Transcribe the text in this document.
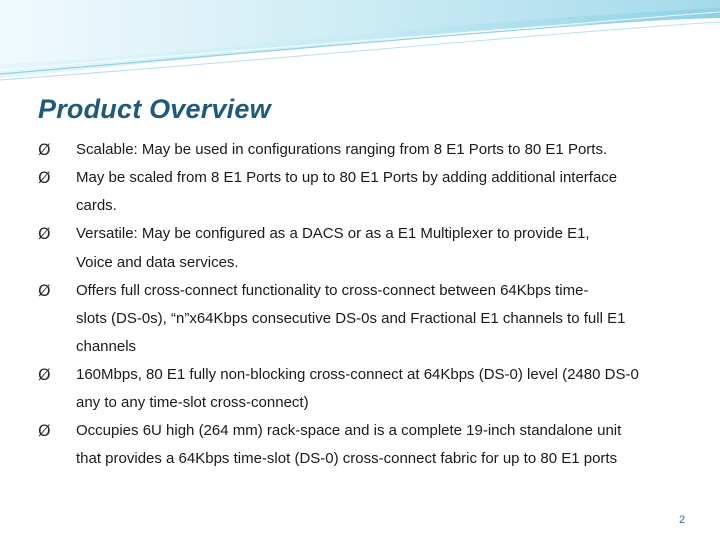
Product Overview
Ø	Scalable: May be used in configurations ranging from 8 E1 Ports to 80 E1 Ports.

Ø	May be scaled from 8 E1 Ports to up to 80 E1 Ports by adding additional interface

cards.

Ø	Versatile: May be configured as a DACS or as a E1 Multiplexer to provide E1,

Voice and data services.

Ø	Offers full cross-connect functionality to cross-connect between 64Kbps time-

slots (DS-0s), “n”x64Kbps consecutive DS-0s and Fractional E1 channels to full E1

channels

Ø	160Mbps, 80 E1 fully non-blocking cross-connect at 64Kbps (DS-0) level (2480 DS-0

any to any time-slot cross-connect)

Ø	Occupies 6U high (264 mm) rack-space and is a complete 19-inch standalone unit

that provides a 64Kbps time-slot (DS-0) cross-connect fabric for up to 80 E1 ports

2
